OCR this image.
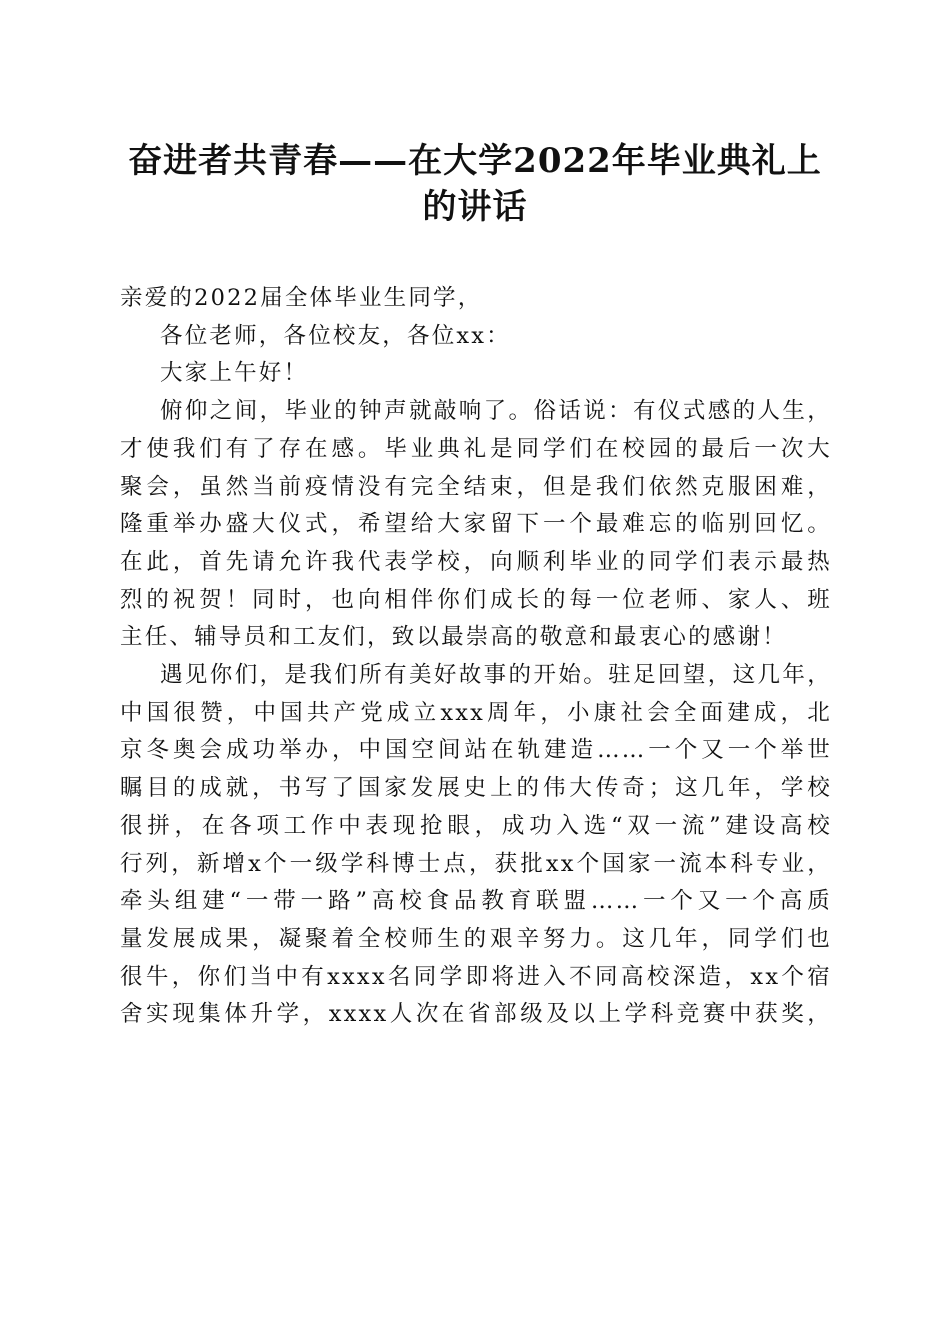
奋进者共青春——在大学2022年毕业典礼上
的讲话

亲爱的2022届全体毕业生同学，

各位老师，各位校友，各位xx：

大家上午好！

俯仰之间，毕业的钟声就敲响了。俗话说：有仪式感的人生，
才使我们有了存在感。毕业典礼是同学们在校园的最后一次大
聚会，虽然当前疫情没有完全结束，但是我们依然克服困难，
隆重举办盛大仪式，希望给大家留下一个最难忘的临别回忆。
在此，首先请允许我代表学校，向顺利毕业的同学们表示最热
烈的祝贺！同时，也向相伴你们成长的每一位老师、家人、班
主任、辅导员和工友们，致以最崇高的敬意和最衷心的感谢！
遇见你们，是我们所有美好故事的开始。驻足回望，这几年，
中国很赞，中国共产党成立xxx周年，小康社会全面建成，北
京冬奥会成功举办，中国空间站在轨建造……一个又一个举世
瞩目的成就，书写了国家发展史上的伟大传奇；这几年，学校
很拼，在各项工作中表现抢眼，成功入选“双一流”建设高校
行列，新增x个一级学科博士点，获批xx个国家一流本科专业，
牵头组建“一带一路”高校食品教育联盟……一个又一个高质
量发展成果，凝聚着全校师生的艰辛努力。这几年，同学们也
很牛，你们当中有xxxx名同学即将进入不同高校深造，xx个宿
舍实现集体升学，xxxx人次在省部级及以上学科竞赛中获奖，
